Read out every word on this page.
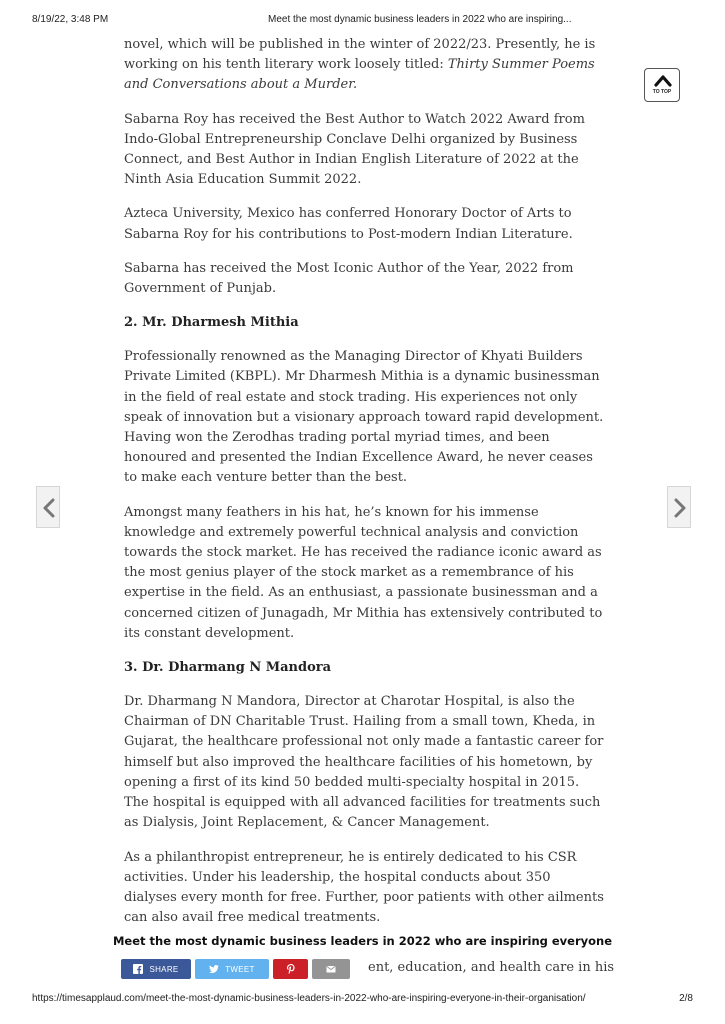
8/19/22, 3:48 PM	Meet the most dynamic business leaders in 2022 who are inspiring...
TO TOP

novel, which will be published in the winter of 2022/23. Presently, he is working on his tenth literary work loosely titled: Thirty Summer Poems and Conversations about a Murder.

Sabarna Roy has received the Best Author to Watch 2022 Award from Indo-Global Entrepreneurship Conclave Delhi organized by Business Connect, and Best Author in Indian English Literature of 2022 at the Ninth Asia Education Summit 2022.

Azteca University, Mexico has conferred Honorary Doctor of Arts to Sabarna Roy for his contributions to Post-modern Indian Literature.

Sabarna has received the Most Iconic Author of the Year, 2022 from Government of Punjab.

2. Mr. Dharmesh Mithia

Professionally renowned as the Managing Director of Khyati Builders Private Limited (KBPL). Mr Dharmesh Mithia is a dynamic businessman in the field of real estate and stock trading. His experiences not only speak of innovation but a visionary approach toward rapid development. Having won the Zerodhas trading portal myriad times, and been honoured and presented the Indian Excellence Award, he never ceases to make each venture better than the best.

Amongst many feathers in his hat, he’s known for his immense knowledge and extremely powerful technical analysis and conviction towards the stock market. He has received the radiance iconic award as the most genius player of the stock market as a remembrance of his expertise in the field. As an enthusiast, a passionate businessman and a concerned citizen of Junagadh, Mr Mithia has extensively contributed to its constant development.

3. Dr. Dharmang N Mandora

Dr. Dharmang N Mandora, Director at Charotar Hospital, is also the Chairman of DN Charitable Trust. Hailing from a small town, Kheda, in Gujarat, the healthcare professional not only made a fantastic career for himself but also improved the healthcare facilities of his hometown, by opening a first of its kind 50 bedded multi-specialty hospital in 2015. The hospital is equipped with all advanced facilities for treatments such as Dialysis, Joint Replacement, & Cancer Management.

As a philanthropist entrepreneur, he is entirely dedicated to his CSR activities. Under his leadership, the hospital conducts about 350 dialyses every month for free. Further, poor patients with other ailments can also avail free medical treatments.

Meet the most dynamic business leaders in 2022 who are inspiring everyone
ent, education, and health care in his
SHARE	TWEET
https://timesapplaud.com/meet-the-most-dynamic-business-leaders-in-2022-who-are-inspiring-everyone-in-their-organisation/	2/8
